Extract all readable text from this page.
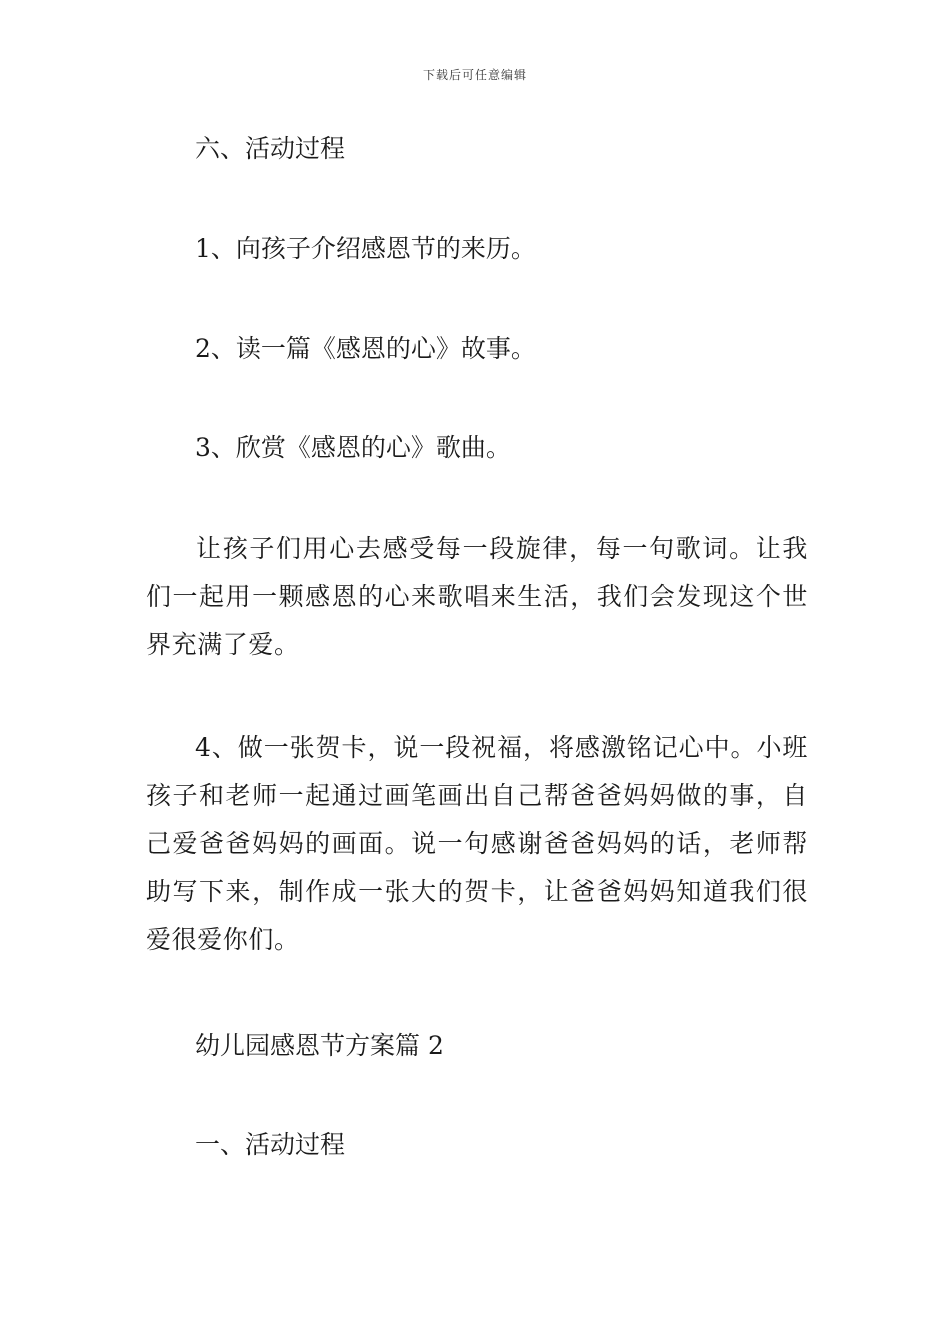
下载后可任意编辑
六、活动过程
1、向孩子介绍感恩节的来历。
2、读一篇《感恩的心》故事。
3、欣赏《感恩的心》歌曲。
让孩子们用心去感受每一段旋律，每一句歌词。让我们一起用一颗感恩的心来歌唱来生活，我们会发现这个世界充满了爱。
4、做一张贺卡，说一段祝福，将感激铭记心中。小班孩子和老师一起通过画笔画出自己帮爸爸妈妈做的事，自己爱爸爸妈妈的画面。说一句感谢爸爸妈妈的话，老师帮助写下来，制作成一张大的贺卡，让爸爸妈妈知道我们很爱很爱你们。
幼儿园感恩节方案篇 2
一、活动过程
